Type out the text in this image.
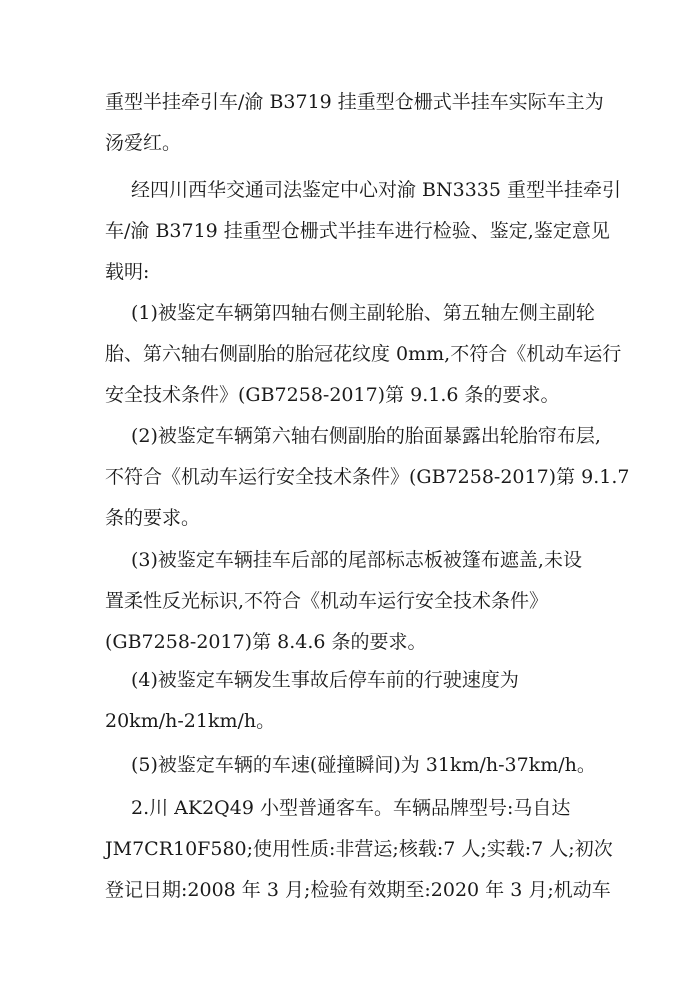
重型半挂牵引车/渝 B3719 挂重型仓栅式半挂车实际车主为
汤爱红。

经四川西华交通司法鉴定中心对渝 BN3335 重型半挂牵引
车/渝 B3719 挂重型仓栅式半挂车进行检验、鉴定,鉴定意见
载明:

(1)被鉴定车辆第四轴右侧主副轮胎、第五轴左侧主副轮
胎、第六轴右侧副胎的胎冠花纹度 0mm,不符合《机动车运行
安全技术条件》(GB7258-2017)第 9.1.6 条的要求。

(2)被鉴定车辆第六轴右侧副胎的胎面暴露出轮胎帘布层,
不符合《机动车运行安全技术条件》(GB7258-2017)第 9.1.7
条的要求。

(3)被鉴定车辆挂车后部的尾部标志板被篷布遮盖,未设
置柔性反光标识,不符合《机动车运行安全技术条件》
(GB7258-2017)第 8.4.6 条的要求。

(4)被鉴定车辆发生事故后停车前的行驶速度为
20km/h-21km/h。

(5)被鉴定车辆的车速(碰撞瞬间)为 31km/h-37km/h。

2.川 AK2Q49 小型普通客车。车辆品牌型号:马自达
JM7CR10F580;使用性质:非营运;核载:7 人;实载:7 人;初次
登记日期:2008 年 3 月;检验有效期至:2020 年 3 月;机动车
